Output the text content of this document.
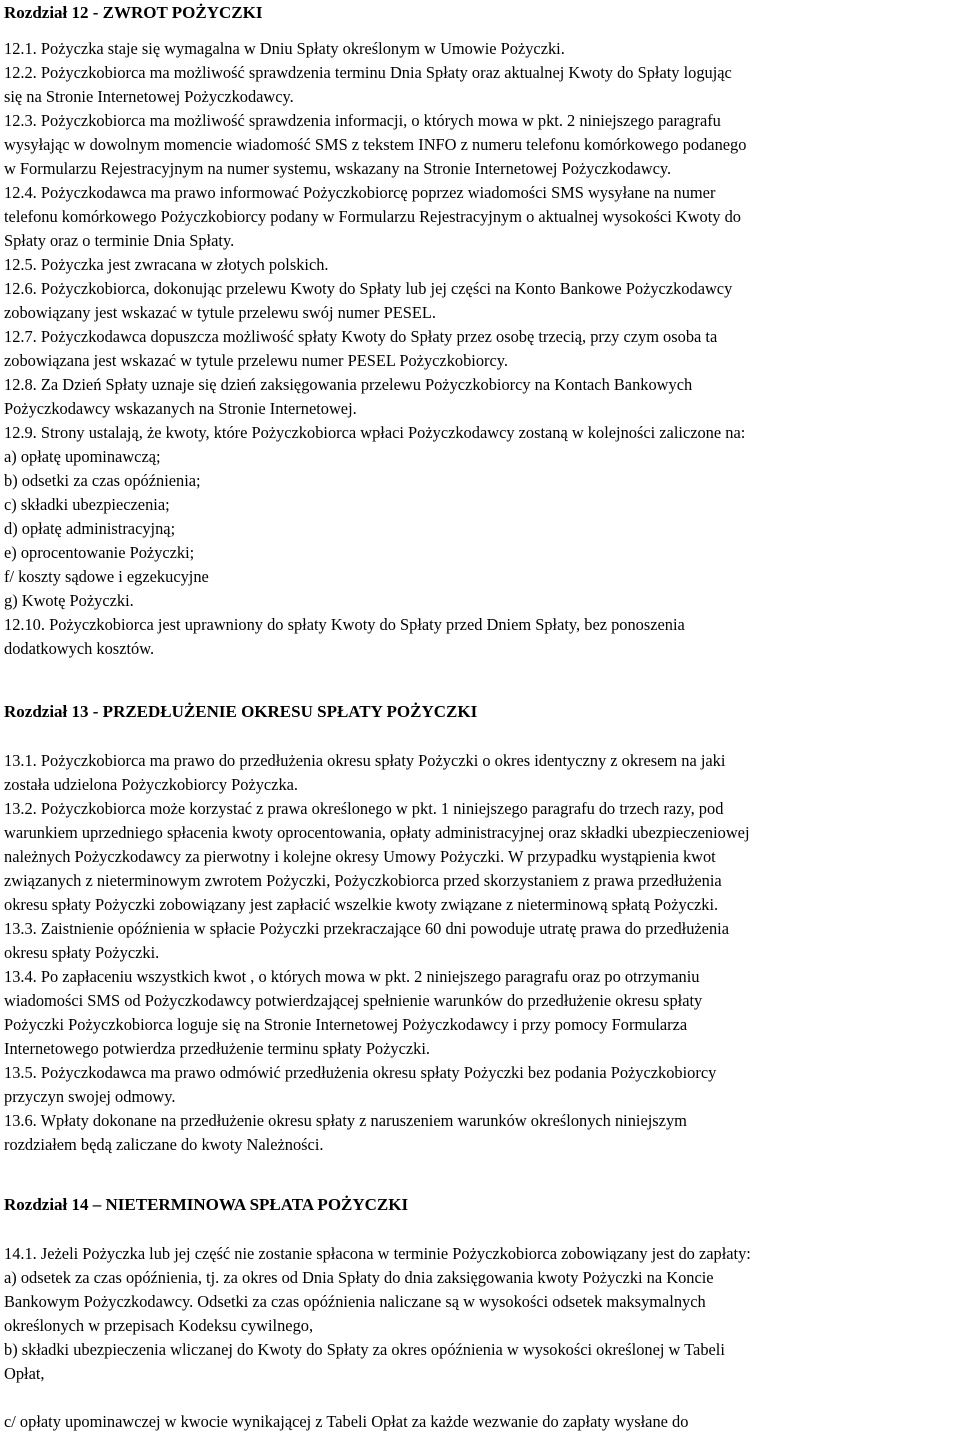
Rozdział 12 - ZWROT POŻYCZKI
12.1. Pożyczka staje się wymagalna w Dniu Spłaty określonym w Umowie Pożyczki.
12.2. Pożyczkobiorca ma możliwość sprawdzenia terminu Dnia Spłaty oraz aktualnej Kwoty do Spłaty logując
się na Stronie Internetowej Pożyczkodawcy.
12.3. Pożyczkobiorca ma możliwość sprawdzenia informacji, o których mowa w pkt. 2 niniejszego paragrafu
wysyłając w dowolnym momencie wiadomość SMS z tekstem INFO z numeru telefonu komórkowego podanego
w Formularzu Rejestracyjnym na numer systemu, wskazany na Stronie Internetowej Pożyczkodawcy.
12.4. Pożyczkodawca ma prawo informować Pożyczkobiorcę poprzez wiadomości SMS wysyłane na numer
telefonu komórkowego Pożyczkobiorcy podany w Formularzu Rejestracyjnym o aktualnej wysokości Kwoty do
Spłaty oraz o terminie Dnia Spłaty.
12.5. Pożyczka jest zwracana w złotych polskich.
12.6. Pożyczkobiorca, dokonując przelewu Kwoty do Spłaty lub jej części na Konto Bankowe Pożyczkodawcy
zobowiązany jest wskazać w tytule przelewu swój numer PESEL.
12.7. Pożyczkodawca dopuszcza możliwość spłaty Kwoty do Spłaty przez osobę trzecią, przy czym osoba ta
zobowiązana jest wskazać w tytule przelewu numer PESEL Pożyczkobiorcy.
12.8. Za Dzień Spłaty uznaje się dzień zaksięgowania przelewu Pożyczkobiorcy na Kontach Bankowych
Pożyczkodawcy wskazanych na Stronie Internetowej.
12.9. Strony ustalają, że kwoty, które Pożyczkobiorca wpłaci Pożyczkodawcy zostaną w kolejności zaliczone na:
a) opłatę upominawczą;
b) odsetki za czas opóźnienia;
c) składki ubezpieczenia;
d) opłatę administracyjną;
e) oprocentowanie Pożyczki;
f/ koszty sądowe i egzekucyjne
g) Kwotę Pożyczki.
12.10. Pożyczkobiorca jest uprawniony do spłaty Kwoty do Spłaty przed Dniem Spłaty, bez ponoszenia
dodatkowych kosztów.
Rozdział 13 - PRZEDŁUŻENIE OKRESU SPŁATY POŻYCZKI
13.1. Pożyczkobiorca ma prawo do przedłużenia okresu spłaty Pożyczki o okres identyczny z okresem na jaki
została udzielona Pożyczkobiorcy Pożyczka.
13.2. Pożyczkobiorca może korzystać z prawa określonego w pkt. 1 niniejszego paragrafu do trzech razy, pod
warunkiem uprzedniego spłacenia kwoty oprocentowania, opłaty administracyjnej oraz składki ubezpieczeniowej
należnych Pożyczkodawcy za pierwotny i kolejne okresy Umowy Pożyczki. W przypadku wystąpienia kwot
związanych z nieterminowym zwrotem Pożyczki, Pożyczkobiorca przed skorzystaniem z prawa przedłużenia
okresu spłaty Pożyczki zobowiązany jest zapłacić wszelkie kwoty związane z nieterminową spłatą Pożyczki.
13.3. Zaistnienie opóźnienia w spłacie Pożyczki przekraczające 60 dni powoduje utratę prawa do przedłużenia
okresu spłaty Pożyczki.
13.4. Po zapłaceniu wszystkich kwot , o których mowa w pkt. 2 niniejszego paragrafu oraz po otrzymaniu
wiadomości SMS od Pożyczkodawcy potwierdzającej spełnienie warunków do przedłużenie okresu spłaty
Pożyczki Pożyczkobiorca loguje się na Stronie Internetowej Pożyczkodawcy i przy pomocy Formularza
Internetowego potwierdza przedłużenie terminu spłaty Pożyczki.
13.5. Pożyczkodawca ma prawo odmówić przedłużenia okresu spłaty Pożyczki bez podania Pożyczkobiorcy
przyczyn swojej odmowy.
13.6. Wpłaty dokonane na przedłużenie okresu spłaty z naruszeniem warunków określonych niniejszym
rozdziałem będą zaliczane do kwoty Należności.
Rozdział 14 – NIETERMINOWA SPŁATA POŻYCZKI
14.1. Jeżeli Pożyczka lub jej część nie zostanie spłacona w terminie Pożyczkobiorca zobowiązany jest do zapłaty:
a) odsetek za czas opóźnienia, tj. za okres od Dnia Spłaty do dnia zaksięgowania kwoty Pożyczki na Koncie
Bankowym Pożyczkodawcy. Odsetki za czas opóźnienia naliczane są w wysokości odsetek maksymalnych
określonych w przepisach Kodeksu cywilnego,
b) składki ubezpieczenia wliczanej do Kwoty do Spłaty za okres opóźnienia w wysokości określonej w Tabeli
Opłat,
c/ opłaty upominawczej w kwocie wynikającej z Tabeli Opłat za każde wezwanie do zapłaty wysłane do
